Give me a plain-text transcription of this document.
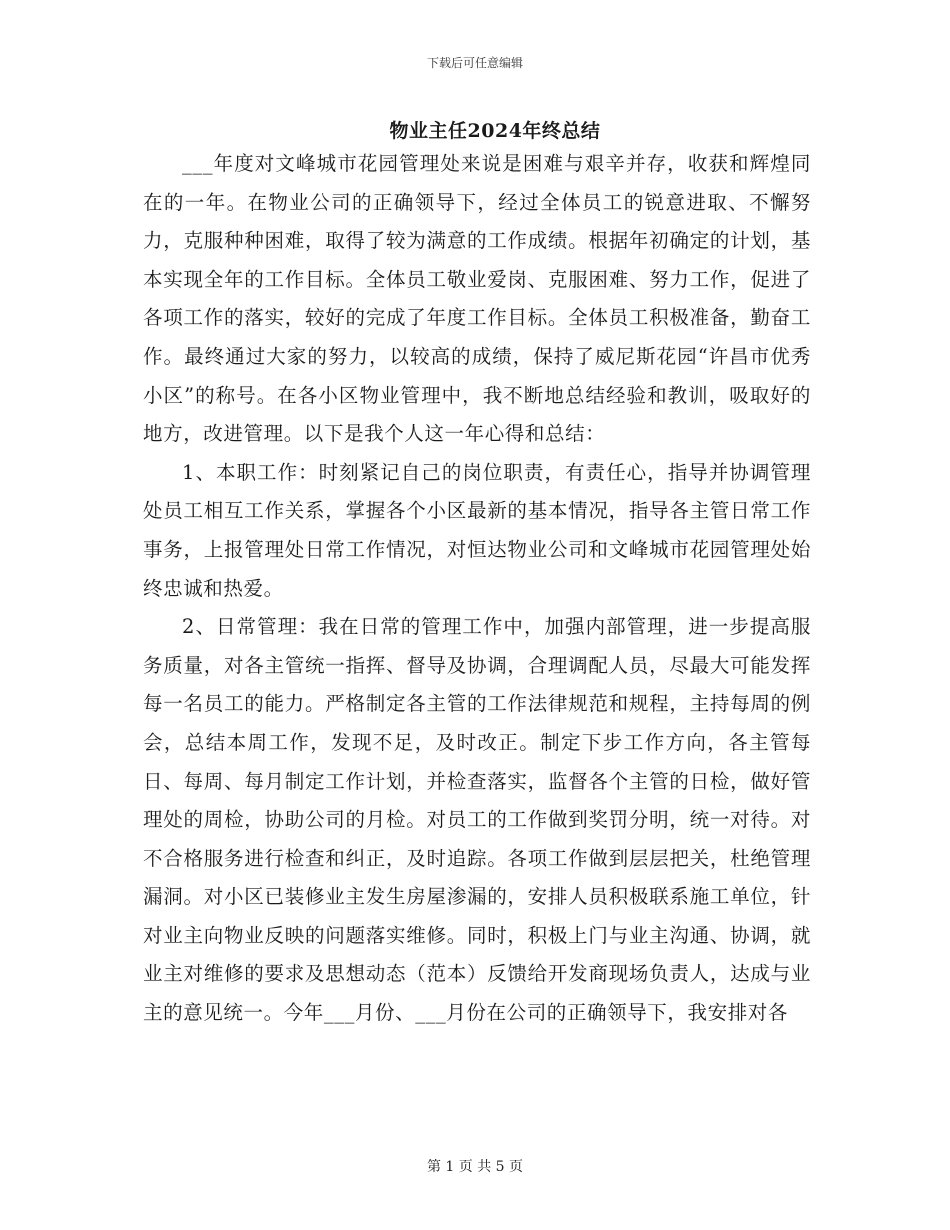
下载后可任意编辑
物业主任2024年终总结

___年度对文峰城市花园管理处来说是困难与艰辛并存，收获和辉煌同在的一年。在物业公司的正确领导下，经过全体员工的锐意进取、不懈努力，克服种种困难，取得了较为满意的工作成绩。根据年初确定的计划，基本实现全年的工作目标。全体员工敬业爱岗、克服困难、努力工作，促进了各项工作的落实，较好的完成了年度工作目标。全体员工积极准备，勤奋工作。最终通过大家的努力，以较高的成绩，保持了威尼斯花园“许昌市优秀小区”的称号。在各小区物业管理中，我不断地总结经验和教训，吸取好的地方，改进管理。以下是我个人这一年心得和总结：

1、本职工作：时刻紧记自己的岗位职责，有责任心，指导并协调管理处员工相互工作关系，掌握各个小区最新的基本情况，指导各主管日常工作事务，上报管理处日常工作情况，对恒达物业公司和文峰城市花园管理处始终忠诚和热爱。

2、日常管理：我在日常的管理工作中，加强内部管理，进一步提高服务质量，对各主管统一指挥、督导及协调，合理调配人员，尽最大可能发挥每一名员工的能力。严格制定各主管的工作法律规范和规程，主持每周的例会，总结本周工作，发现不足，及时改正。制定下步工作方向，各主管每日、每周、每月制定工作计划，并检查落实，监督各个主管的日检，做好管理处的周检，协助公司的月检。对员工的工作做到奖罚分明，统一对待。对不合格服务进行检查和纠正，及时追踪。各项工作做到层层把关，杜绝管理漏洞。对小区已装修业主发生房屋渗漏的，安排人员积极联系施工单位，针对业主向物业反映的问题落实维修。同时，积极上门与业主沟通、协调，就业主对维修的要求及思想动态（范本）反馈给开发商现场负责人，达成与业主的意见统一。今年___月份、___月份在公司的正确领导下，我安排对各

第 1 页 共 5 页
